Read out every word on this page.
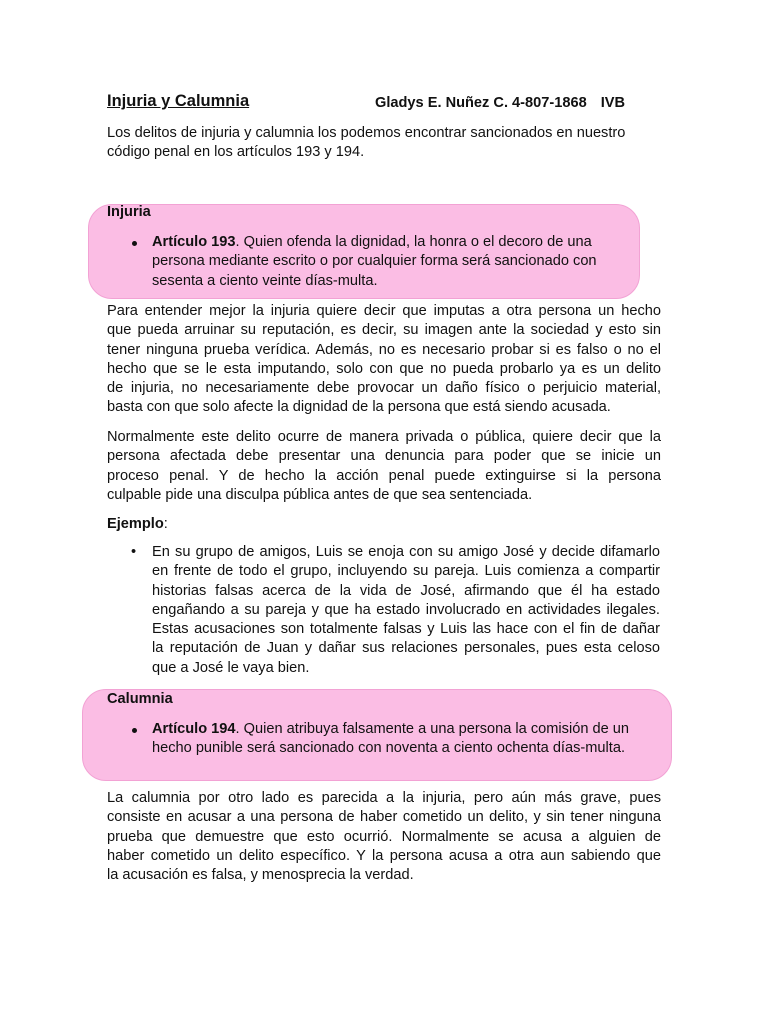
Injuria y Calumnia	Gladys E. Nuñez C. 4-807-1868 IVB
Los delitos de injuria y calumnia los podemos encontrar sancionados en nuestro código penal en los artículos 193 y 194.
Injuria
Artículo 193. Quien ofenda la dignidad, la honra o el decoro de una persona mediante escrito o por cualquier forma será sancionado con sesenta a ciento veinte días-multa.
Para entender mejor la injuria quiere decir que imputas a otra persona un hecho
que pueda arruinar su reputación, es decir, su imagen ante la sociedad y esto sin
tener ninguna prueba verídica. Además, no es necesario probar si es falso o no el
hecho que se le esta imputando, solo con que no pueda probarlo ya es un delito
de injuria, no necesariamente debe provocar un daño físico o perjuicio material,
basta con que solo afecte la dignidad de la persona que está siendo acusada.
Normalmente este delito ocurre de manera privada o pública, quiere decir que la
persona afectada debe presentar una denuncia para poder que se inicie un
proceso penal. Y de hecho la acción penal puede extinguirse si la persona
culpable pide una disculpa pública antes de que sea sentenciada.
Ejemplo:
• En su grupo de amigos, Luis se enoja con su amigo José y decide difamarlo
en frente de todo el grupo, incluyendo su pareja. Luis comienza a compartir
historias falsas acerca de la vida de José, afirmando que él ha estado
engañando a su pareja y que ha estado involucrado en actividades ilegales.
Estas acusaciones son totalmente falsas y Luis las hace con el fin de dañar
la reputación de Juan y dañar sus relaciones personales, pues esta celoso
que a José le vaya bien.
Calumnia
Artículo 194. Quien atribuya falsamente a una persona la comisión de un hecho punible será sancionado con noventa a ciento ochenta días-multa.
La calumnia por otro lado es parecida a la injuria, pero aún más grave, pues
consiste en acusar a una persona de haber cometido un delito, y sin tener ninguna
prueba que demuestre que esto ocurrió. Normalmente se acusa a alguien de
haber cometido un delito específico. Y la persona acusa a otra aun sabiendo que
la acusación es falsa, y menosprecia la verdad.
